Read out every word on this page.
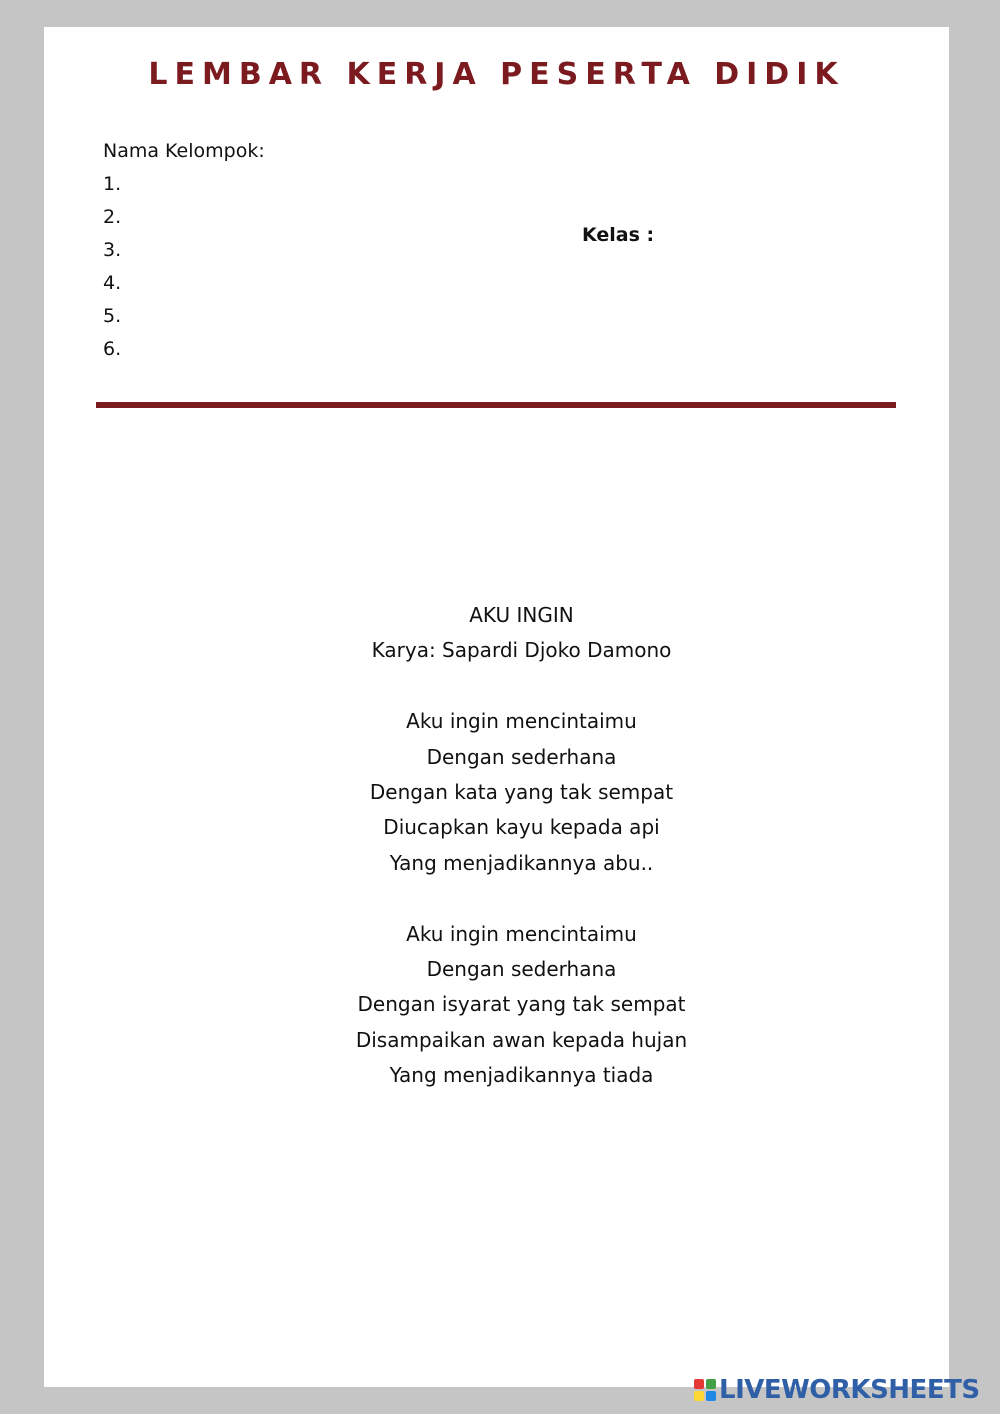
LEMBAR KERJA PESERTA DIDIK
Nama Kelompok:
1.
2.
3.
4.
5.
6.
Kelas :
AKU INGIN
Karya: Sapardi Djoko Damono
Aku ingin mencintaimu
Dengan sederhana
Dengan kata yang tak sempat
Diucapkan kayu kepada api
Yang menjadikannya abu..
Aku ingin mencintaimu
Dengan sederhana
Dengan isyarat yang tak sempat
Disampaikan awan kepada hujan
Yang menjadikannya tiada
LIVEWORKSHEETS
